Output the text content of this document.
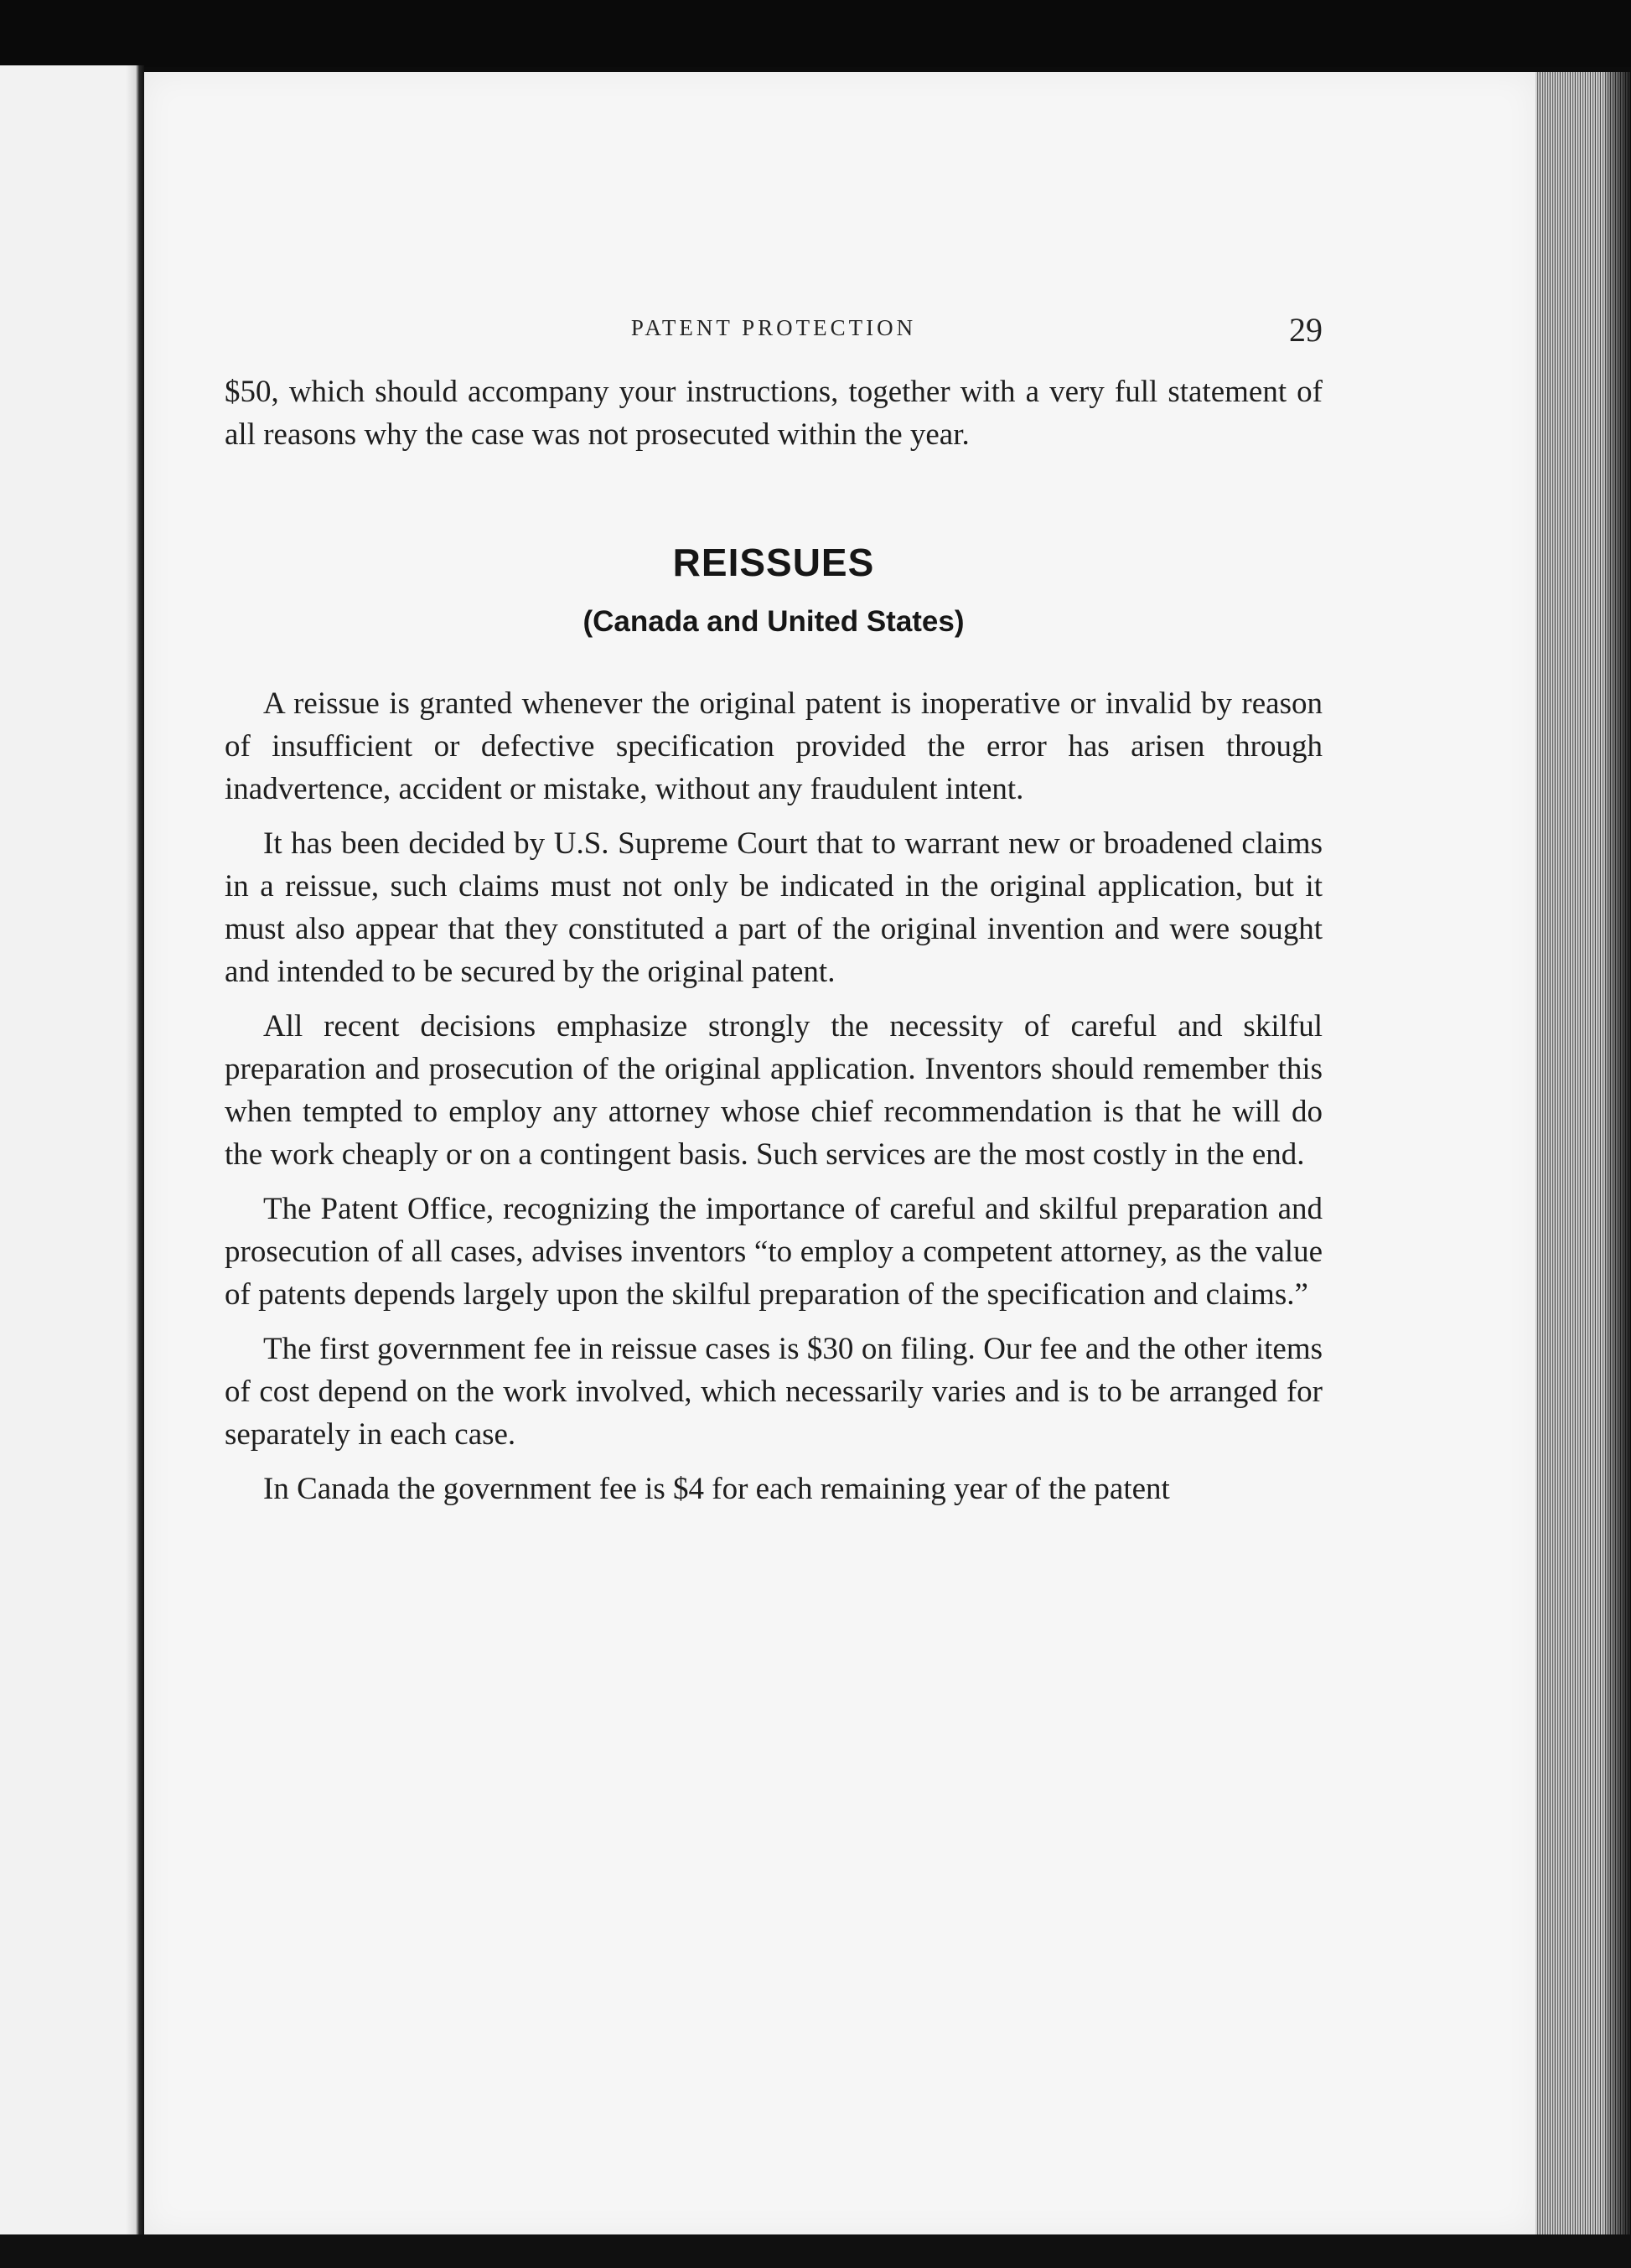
PATENT PROTECTION	29

$50, which should accompany your instructions, together with a very full statement of all reasons why the case was not prosecuted within the year.

REISSUES
(Canada and United States)

A reissue is granted whenever the original patent is inoperative or invalid by reason of insufficient or defective specification provided the error has arisen through inadvertence, accident or mistake, without any fraudulent intent.

It has been decided by U.S. Supreme Court that to warrant new or broadened claims in a reissue, such claims must not only be indicated in the original application, but it must also appear that they constituted a part of the original invention and were sought and intended to be secured by the original patent.

All recent decisions emphasize strongly the necessity of careful and skilful preparation and prosecution of the original application. Inventors should remember this when tempted to employ any attorney whose chief recommendation is that he will do the work cheaply or on a contingent basis. Such services are the most costly in the end.

The Patent Office, recognizing the importance of careful and skilful preparation and prosecution of all cases, advises inventors “to employ a competent attorney, as the value of patents depends largely upon the skilful preparation of the specification and claims.”

The first government fee in reissue cases is $30 on filing. Our fee and the other items of cost depend on the work involved, which necessarily varies and is to be arranged for separately in each case.

In Canada the government fee is $4 for each remaining year of the patent
